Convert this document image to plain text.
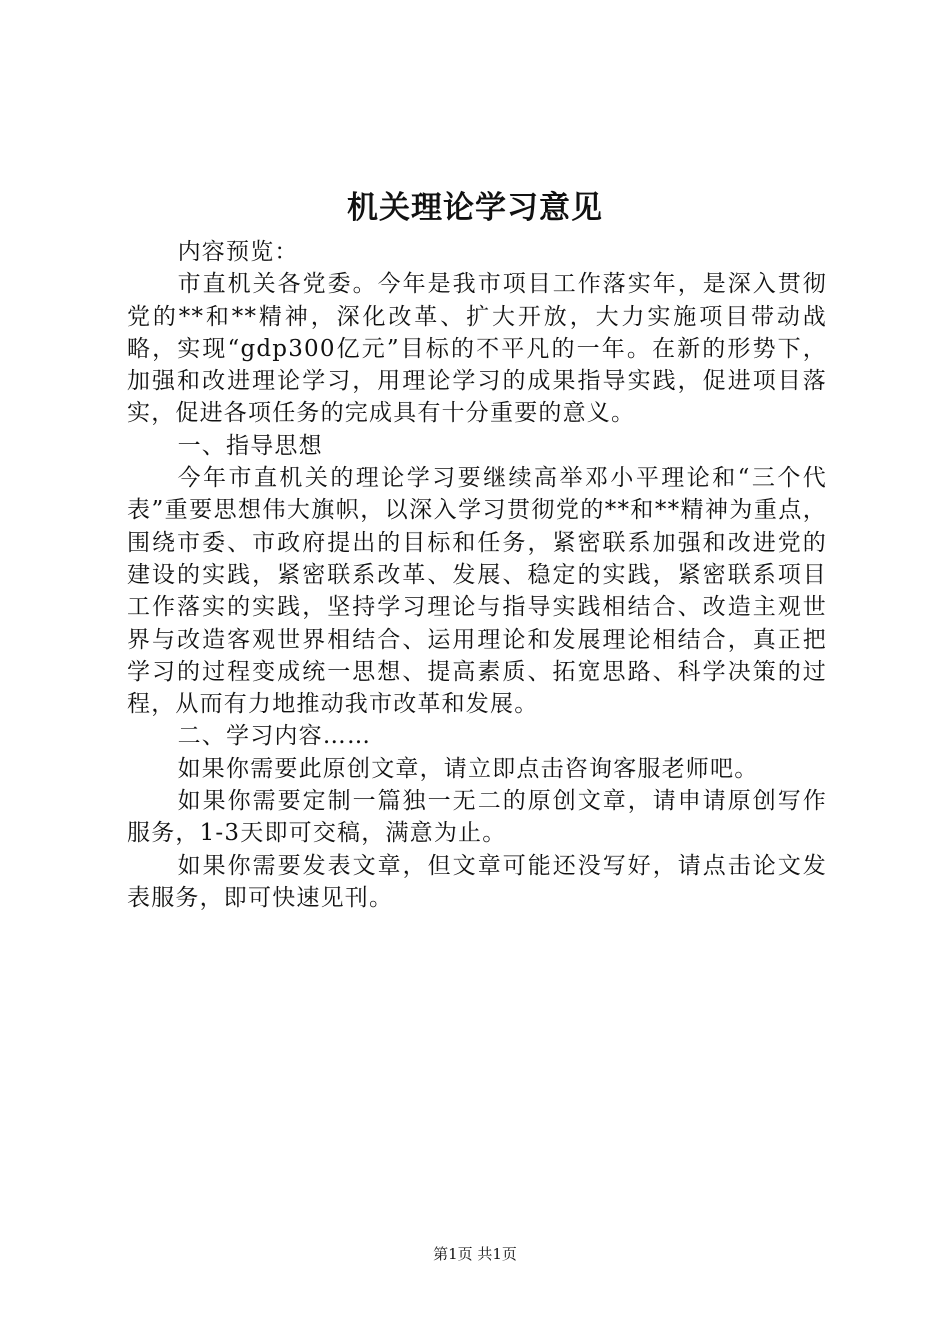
机关理论学习意见

内容预览：

市直机关各党委。今年是我市项目工作落实年，是深入贯彻党的**和**精神，深化改革、扩大开放，大力实施项目带动战略，实现“gdp300亿元”目标的不平凡的一年。在新的形势下，加强和改进理论学习，用理论学习的成果指导实践，促进项目落实，促进各项任务的完成具有十分重要的意义。

一、指导思想

今年市直机关的理论学习要继续高举邓小平理论和“三个代表”重要思想伟大旗帜，以深入学习贯彻党的**和**精神为重点，围绕市委、市政府提出的目标和任务，紧密联系加强和改进党的建设的实践，紧密联系改革、发展、稳定的实践，紧密联系项目工作落实的实践，坚持学习理论与指导实践相结合、改造主观世界与改造客观世界相结合、运用理论和发展理论相结合，真正把学习的过程变成统一思想、提高素质、拓宽思路、科学决策的过程，从而有力地推动我市改革和发展。

二、学习内容……

如果你需要此原创文章，请立即点击咨询客服老师吧。

如果你需要定制一篇独一无二的原创文章，请申请原创写作服务，1-3天即可交稿，满意为止。

如果你需要发表文章，但文章可能还没写好，请点击论文发表服务，即可快速见刊。

第1页 共1页
